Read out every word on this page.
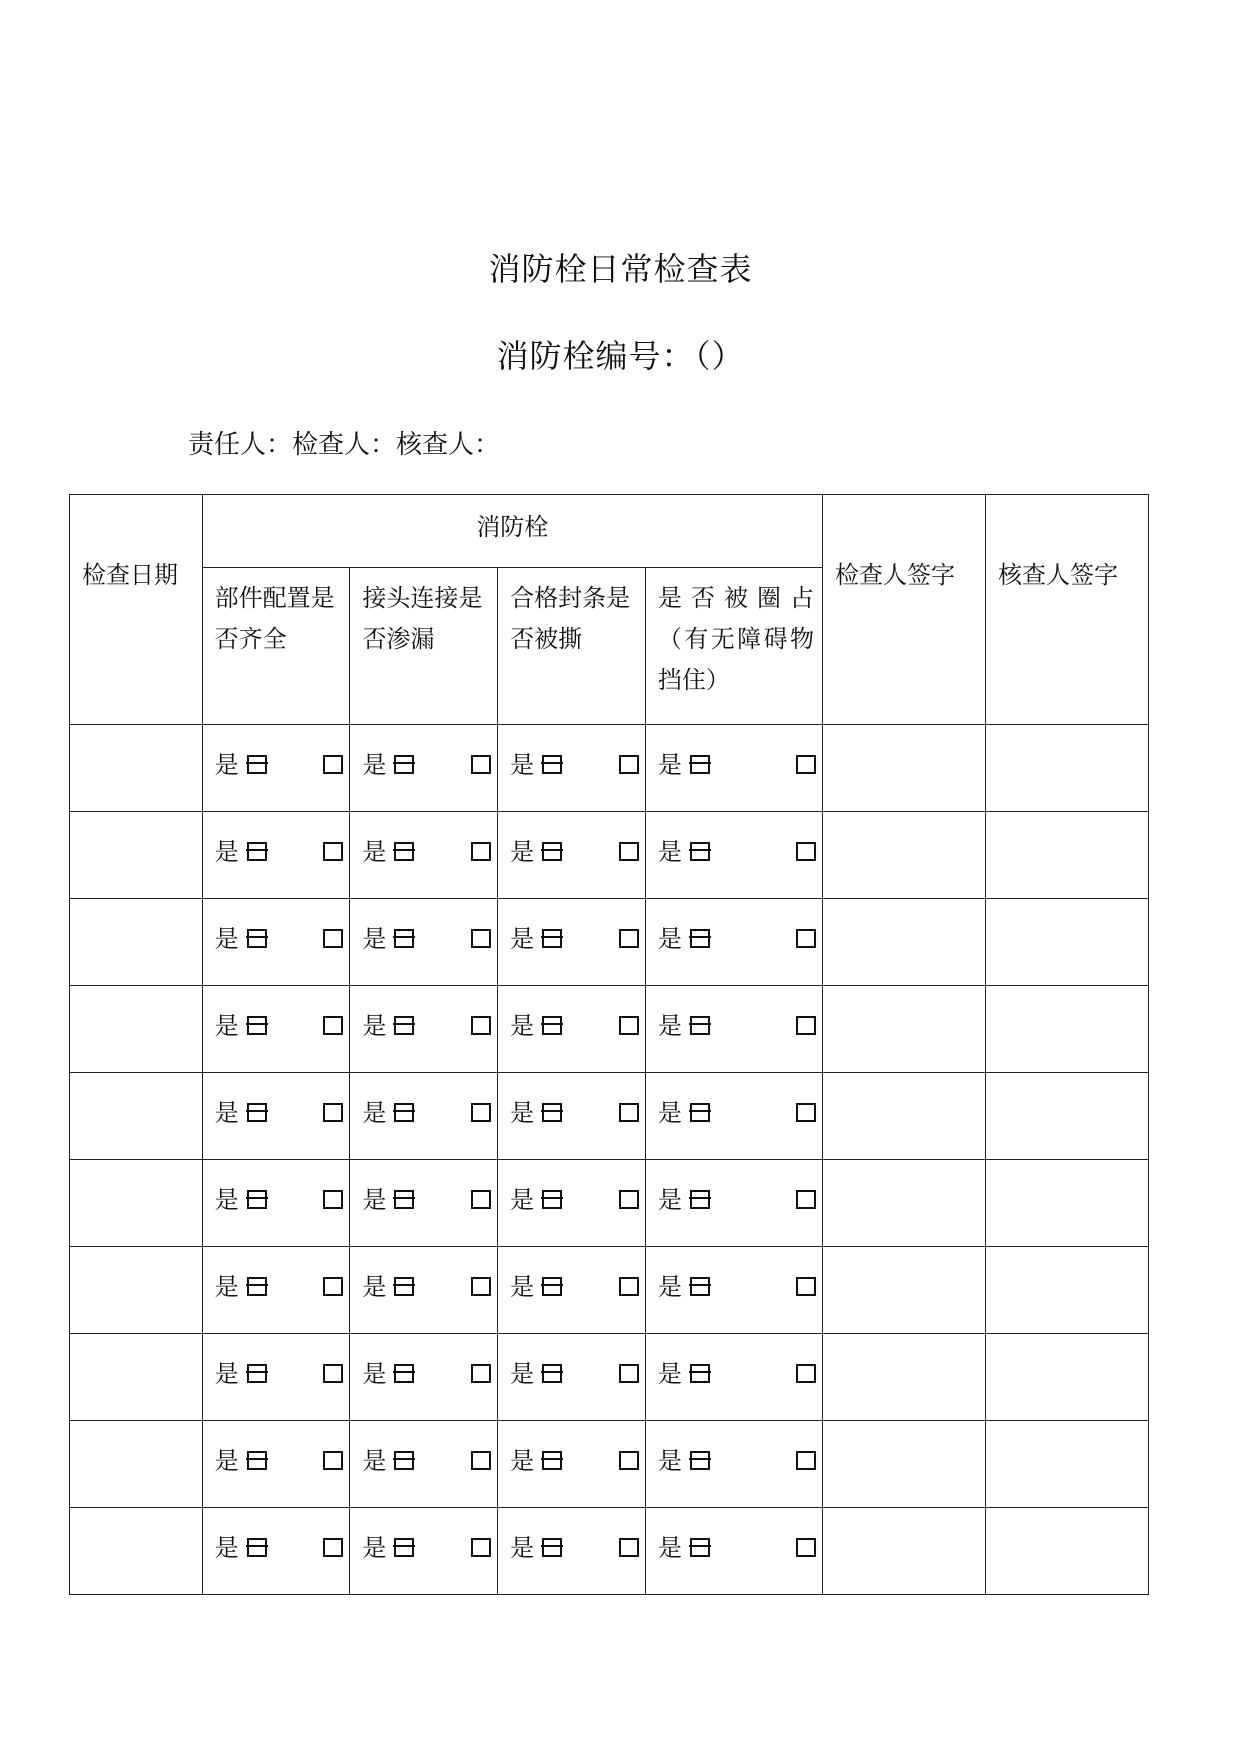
消防栓日常检查表
消防栓编号：（）
责任人：检查人：核查人：
检查日期	消防栓				检查人签字	核查人签字
	部件配置是否齐全	接头连接是否渗漏	合格封条是否被撕	是否被圈占（有无障碍物挡住）		

	是	是	是	是		

	是	是	是	是		

	是	是	是	是		

	是	是	是	是		

	是	是	是	是		

	是	是	是	是		

	是	是	是	是		

	是	是	是	是		

	是	是	是	是		

	是	是	是	是		
